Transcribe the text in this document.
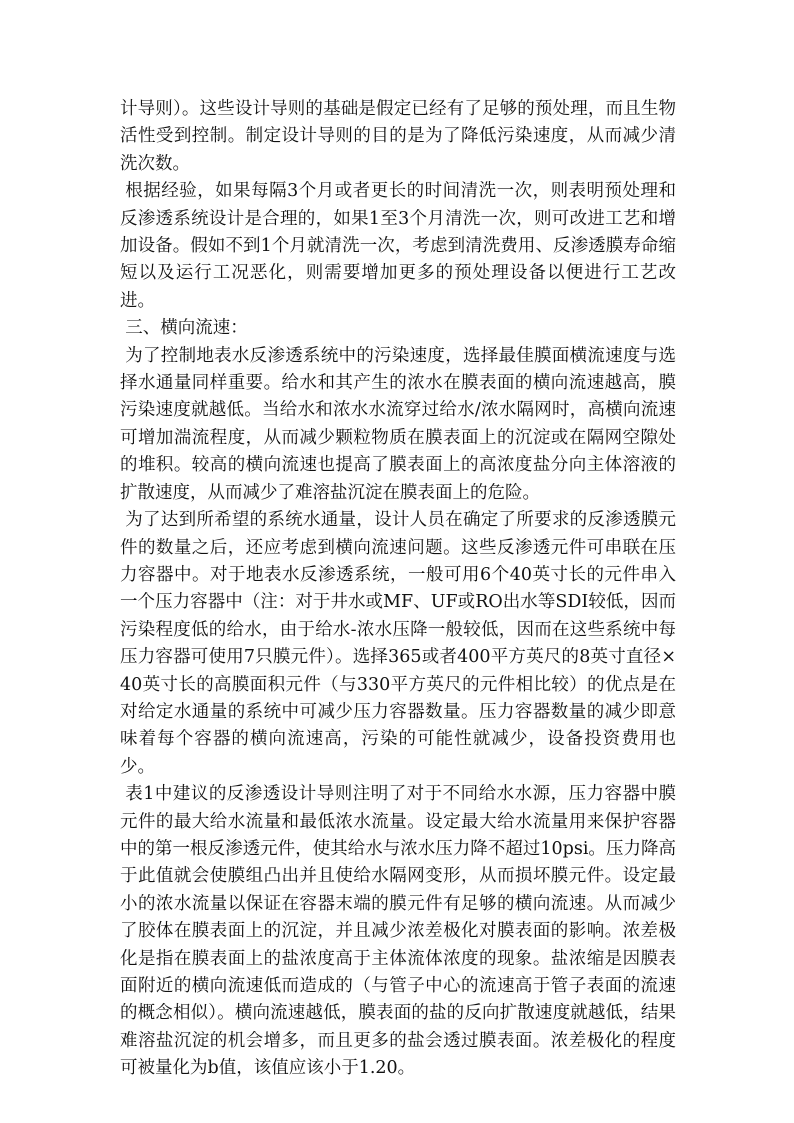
计导则）。这些设计导则的基础是假定已经有了足够的预处理，而且生物活性受到控制。制定设计导则的目的是为了降低污染速度，从而减少清洗次数。

根据经验，如果每隔3个月或者更长的时间清洗一次，则表明预处理和反渗透系统设计是合理的，如果1至3个月清洗一次，则可改进工艺和增加设备。假如不到1个月就清洗一次，考虑到清洗费用、反渗透膜寿命缩短以及运行工况恶化，则需要增加更多的预处理设备以便进行工艺改进。

三、横向流速：

为了控制地表水反渗透系统中的污染速度，选择最佳膜面横流速度与选择水通量同样重要。给水和其产生的浓水在膜表面的横向流速越高，膜污染速度就越低。当给水和浓水水流穿过给水/浓水隔网时，高横向流速可增加湍流程度，从而减少颗粒物质在膜表面上的沉淀或在隔网空隙处的堆积。较高的横向流速也提高了膜表面上的高浓度盐分向主体溶液的扩散速度，从而减少了难溶盐沉淀在膜表面上的危险。

为了达到所希望的系统水通量，设计人员在确定了所要求的反渗透膜元件的数量之后，还应考虑到横向流速问题。这些反渗透元件可串联在压力容器中。对于地表水反渗透系统，一般可用6个40英寸长的元件串入一个压力容器中（注：对于井水或MF、UF或RO出水等SDI较低，因而污染程度低的给水，由于给水-浓水压降一般较低，因而在这些系统中每压力容器可使用7只膜元件）。选择365或者400平方英尺的8英寸直径×40英寸长的高膜面积元件（与330平方英尺的元件相比较）的优点是在对给定水通量的系统中可减少压力容器数量。压力容器数量的减少即意味着每个容器的横向流速高，污染的可能性就减少，设备投资费用也少。

表1中建议的反渗透设计导则注明了对于不同给水水源，压力容器中膜元件的最大给水流量和最低浓水流量。设定最大给水流量用来保护容器中的第一根反渗透元件，使其给水与浓水压力降不超过10psi。压力降高于此值就会使膜组凸出并且使给水隔网变形，从而损坏膜元件。设定最小的浓水流量以保证在容器末端的膜元件有足够的横向流速。从而减少了胶体在膜表面上的沉淀，并且减少浓差极化对膜表面的影响。浓差极化是指在膜表面上的盐浓度高于主体流体浓度的现象。盐浓缩是因膜表面附近的横向流速低而造成的（与管子中心的流速高于管子表面的流速的概念相似）。横向流速越低，膜表面的盐的反向扩散速度就越低，结果难溶盐沉淀的机会增多，而且更多的盐会透过膜表面。浓差极化的程度可被量化为b值，该值应该小于1.20。
